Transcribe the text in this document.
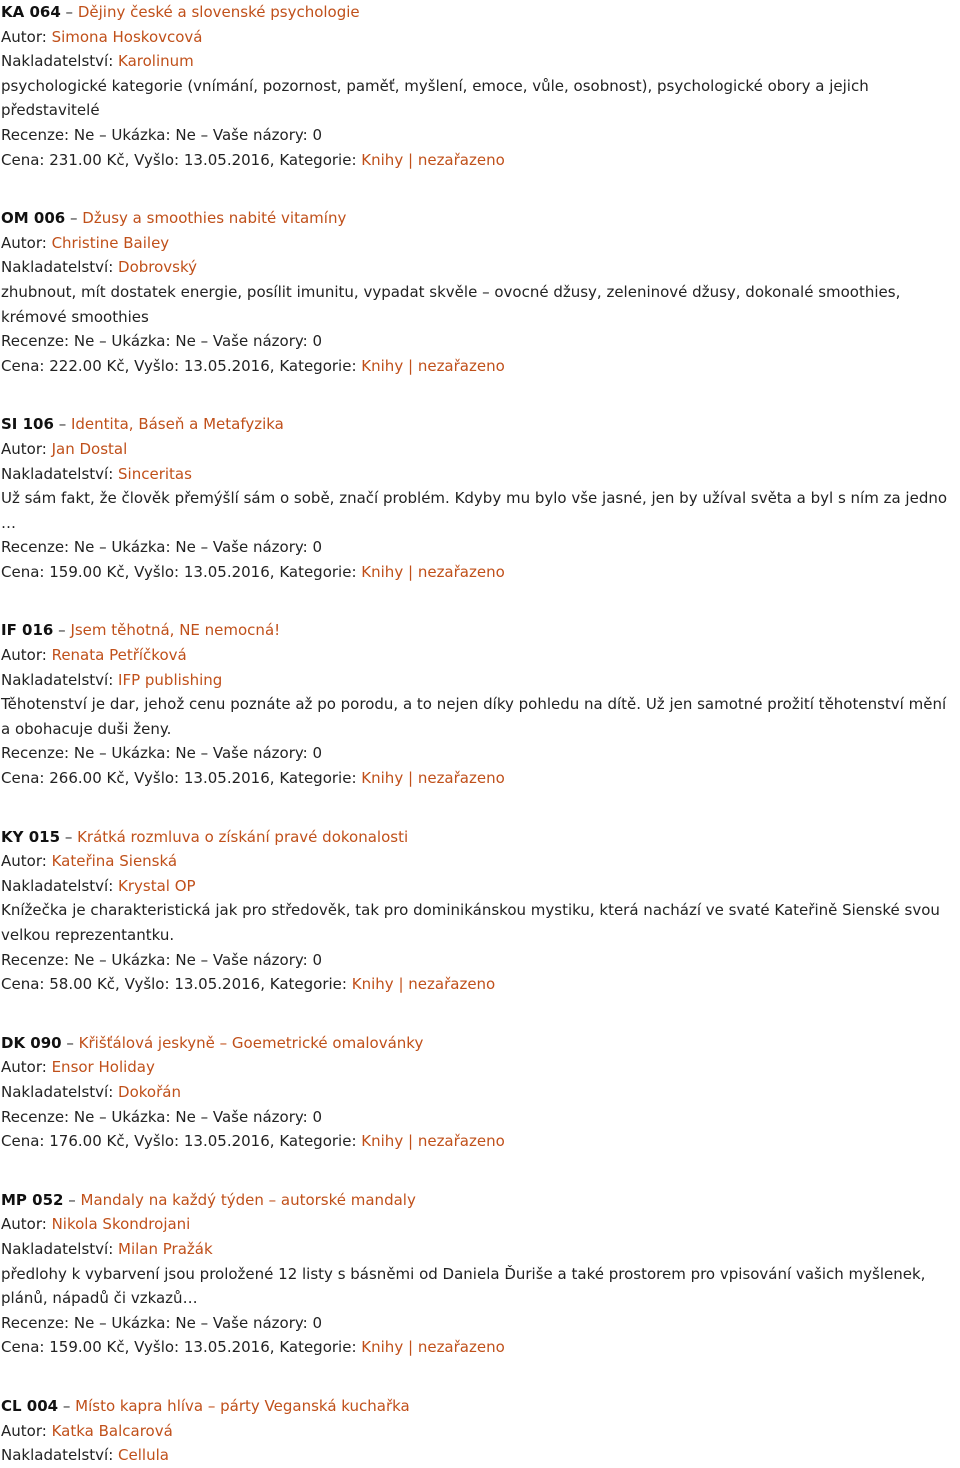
KA 064 – Dějiny české a slovenské psychologie
Autor: Simona Hoskovcová
Nakladatelství: Karolinum
psychologické kategorie (vnímání, pozornost, paměť, myšlení, emoce, vůle, osobnost), psychologické obory a jejich představitelé
Recenze: Ne – Ukázka: Ne – Vaše názory: 0
Cena: 231.00 Kč, Vyšlo: 13.05.2016, Kategorie: Knihy | nezařazeno
OM 006 – Džusy a smoothies nabité vitamíny
Autor: Christine Bailey
Nakladatelství: Dobrovský
zhubnout, mít dostatek energie, posílit imunitu, vypadat skvěle – ovocné džusy, zeleninové džusy, dokonalé smoothies, krémové smoothies
Recenze: Ne – Ukázka: Ne – Vaše názory: 0
Cena: 222.00 Kč, Vyšlo: 13.05.2016, Kategorie: Knihy | nezařazeno
SI 106 – Identita, Báseň a Metafyzika
Autor: Jan Dostal
Nakladatelství: Sinceritas
Už sám fakt, že člověk přemýšlí sám o sobě, značí problém. Kdyby mu bylo vše jasné, jen by užíval světa a byl s ním za jedno …
Recenze: Ne – Ukázka: Ne – Vaše názory: 0
Cena: 159.00 Kč, Vyšlo: 13.05.2016, Kategorie: Knihy | nezařazeno
IF 016 – Jsem těhotná, NE nemocná!
Autor: Renata Petříčková
Nakladatelství: IFP publishing
Těhotenství je dar, jehož cenu poznáte až po porodu, a to nejen díky pohledu na dítě. Už jen samotné prožití těhotenství mění a obohacuje duši ženy.
Recenze: Ne – Ukázka: Ne – Vaše názory: 0
Cena: 266.00 Kč, Vyšlo: 13.05.2016, Kategorie: Knihy | nezařazeno
KY 015 – Krátká rozmluva o získání pravé dokonalosti
Autor: Kateřina Sienská
Nakladatelství: Krystal OP
Knížečka je charakteristická jak pro středověk, tak pro dominikánskou mystiku, která nachází ve svaté Kateřině Sienské svou velkou reprezentantku.
Recenze: Ne – Ukázka: Ne – Vaše názory: 0
Cena: 58.00 Kč, Vyšlo: 13.05.2016, Kategorie: Knihy | nezařazeno
DK 090 – Křišťálová jeskyně – Goemetrické omalovánky
Autor: Ensor Holiday
Nakladatelství: Dokořán
Recenze: Ne – Ukázka: Ne – Vaše názory: 0
Cena: 176.00 Kč, Vyšlo: 13.05.2016, Kategorie: Knihy | nezařazeno
MP 052 – Mandaly na každý týden – autorské mandaly
Autor: Nikola Skondrojani
Nakladatelství: Milan Pražák
předlohy k vybarvení jsou proložené 12 listy s básněmi od Daniela Ďuriše a také prostorem pro vpisování vašich myšlenek, plánů, nápadů či vzkazů…
Recenze: Ne – Ukázka: Ne – Vaše názory: 0
Cena: 159.00 Kč, Vyšlo: 13.05.2016, Kategorie: Knihy | nezařazeno
CL 004 – Místo kapra hlíva – párty Veganská kuchařka
Autor: Katka Balcarová
Nakladatelství: Cellula
